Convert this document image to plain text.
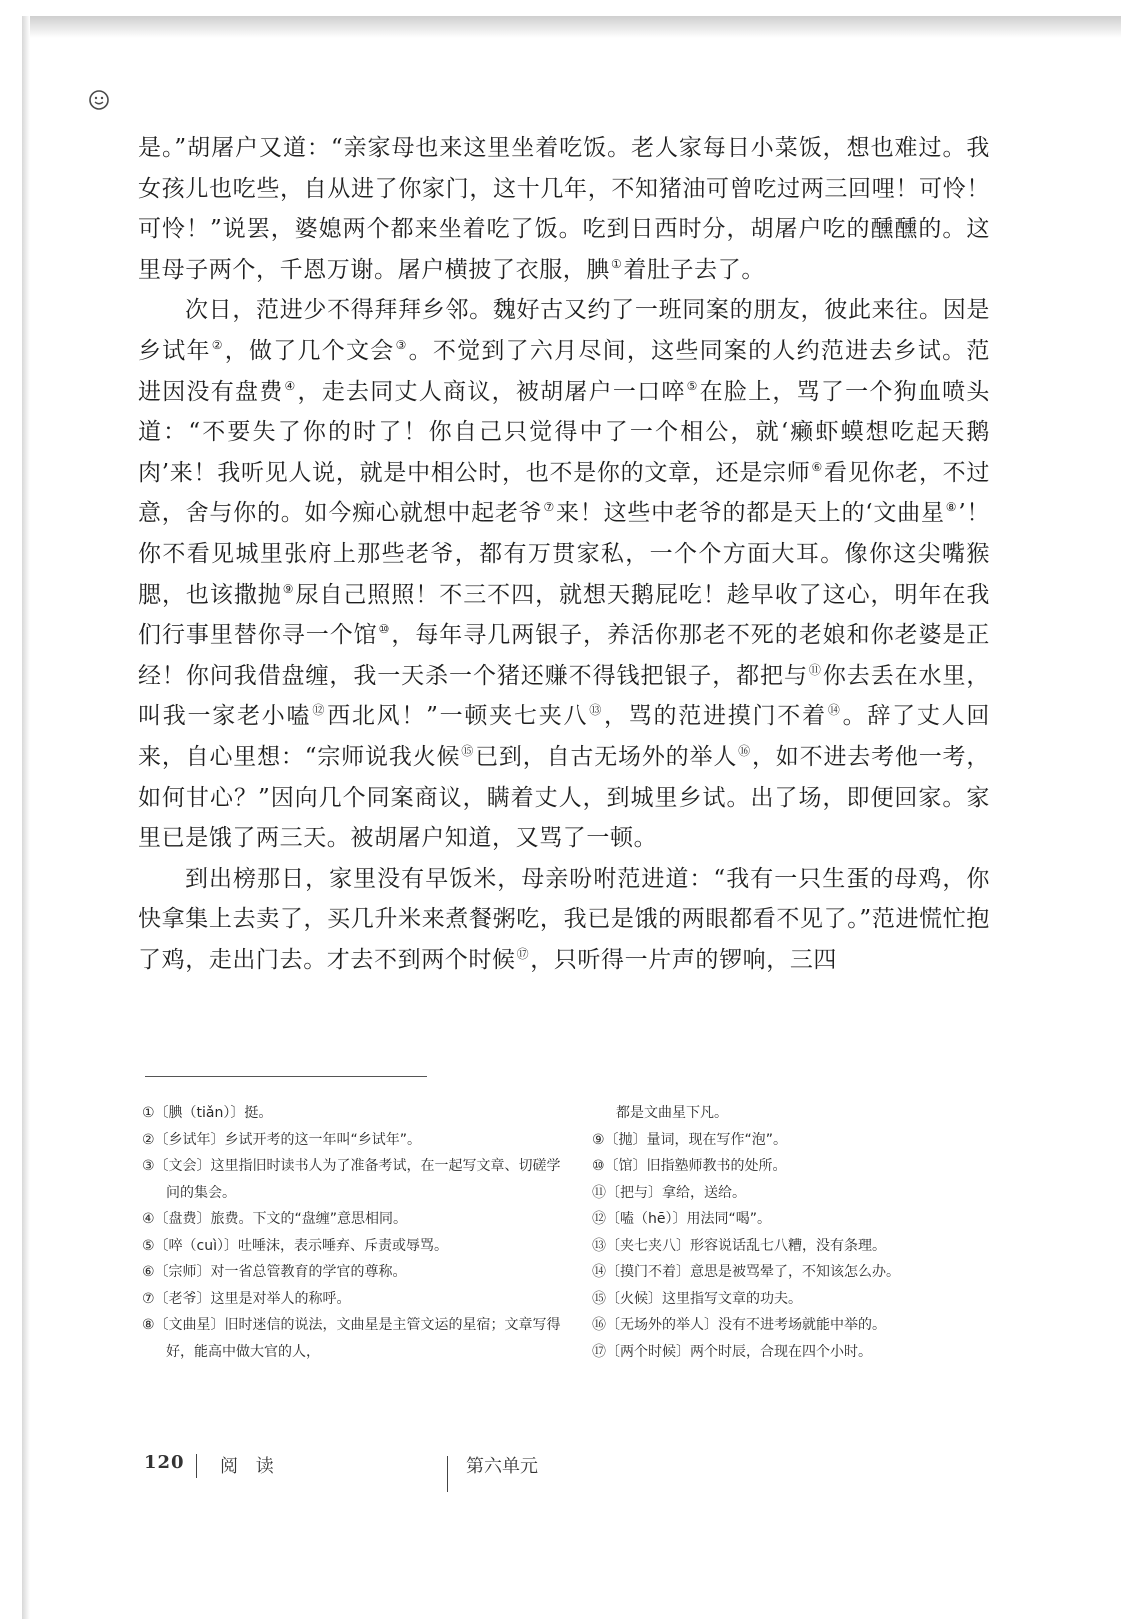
是。”胡屠户又道：“亲家母也来这里坐着吃饭。老人家每日小菜饭，想也难过。我女孩儿也吃些，自从进了你家门，这十几年，不知猪油可曾吃过两三回哩！可怜！可怜！”说罢，婆媳两个都来坐着吃了饭。吃到日西时分，胡屠户吃的醺醺的。这里母子两个，千恩万谢。屠户横披了衣服，腆①着肚子去了。

次日，范进少不得拜拜乡邻。魏好古又约了一班同案的朋友，彼此来往。因是乡试年②，做了几个文会③。不觉到了六月尽间，这些同案的人约范进去乡试。范进因没有盘费④，走去同丈人商议，被胡屠户一口啐⑤在脸上，骂了一个狗血喷头道：“不要失了你的时了！你自己只觉得中了一个相公，就‘癞虾蟆想吃起天鹅肉’来！我听见人说，就是中相公时，也不是你的文章，还是宗师⑥看见你老，不过意，舍与你的。如今痴心就想中起老爷⑦来！这些中老爷的都是天上的‘文曲星⑧’！你不看见城里张府上那些老爷，都有万贯家私，一个个方面大耳。像你这尖嘴猴腮，也该撒抛⑨尿自己照照！不三不四，就想天鹅屁吃！趁早收了这心，明年在我们行事里替你寻一个馆⑩，每年寻几两银子，养活你那老不死的老娘和你老婆是正经！你问我借盘缠，我一天杀一个猪还赚不得钱把银子，都把与⑪你去丢在水里，叫我一家老小嗑⑫西北风！”一顿夹七夹八⑬，骂的范进摸门不着⑭。辞了丈人回来，自心里想：“宗师说我火候⑮已到，自古无场外的举人⑯，如不进去考他一考，如何甘心？”因向几个同案商议，瞒着丈人，到城里乡试。出了场，即便回家。家里已是饿了两三天。被胡屠户知道，又骂了一顿。

到出榜那日，家里没有早饭米，母亲吩咐范进道：“我有一只生蛋的母鸡，你快拿集上去卖了，买几升米来煮餐粥吃，我已是饿的两眼都看不见了。”范进慌忙抱了鸡，走出门去。才去不到两个时候⑰，只听得一片声的锣响，三四

①〔腆（tiǎn）〕挺。
②〔乡试年〕乡试开考的这一年叫“乡试年”。
③〔文会〕这里指旧时读书人为了准备考试，在一起写文章、切磋学问的集会。
④〔盘费〕旅费。下文的“盘缠”意思相同。
⑤〔啐（cuì）〕吐唾沫，表示唾弃、斥责或辱骂。
⑥〔宗师〕对一省总管教育的学官的尊称。
⑦〔老爷〕这里是对举人的称呼。
⑧〔文曲星〕旧时迷信的说法，文曲星是主管文运的星宿；文章写得好，能高中做大官的人，
都是文曲星下凡。
⑨〔抛〕量词，现在写作“泡”。
⑩〔馆〕旧指塾师教书的处所。
⑪〔把与〕拿给，送给。
⑫〔嗑（hē）〕用法同“喝”。
⑬〔夹七夹八〕形容说话乱七八糟，没有条理。
⑭〔摸门不着〕意思是被骂晕了，不知该怎么办。
⑮〔火候〕这里指写文章的功夫。
⑯〔无场外的举人〕没有不进考场就能中举的。
⑰〔两个时候〕两个时辰，合现在四个小时。
120 阅 读	第六单元
